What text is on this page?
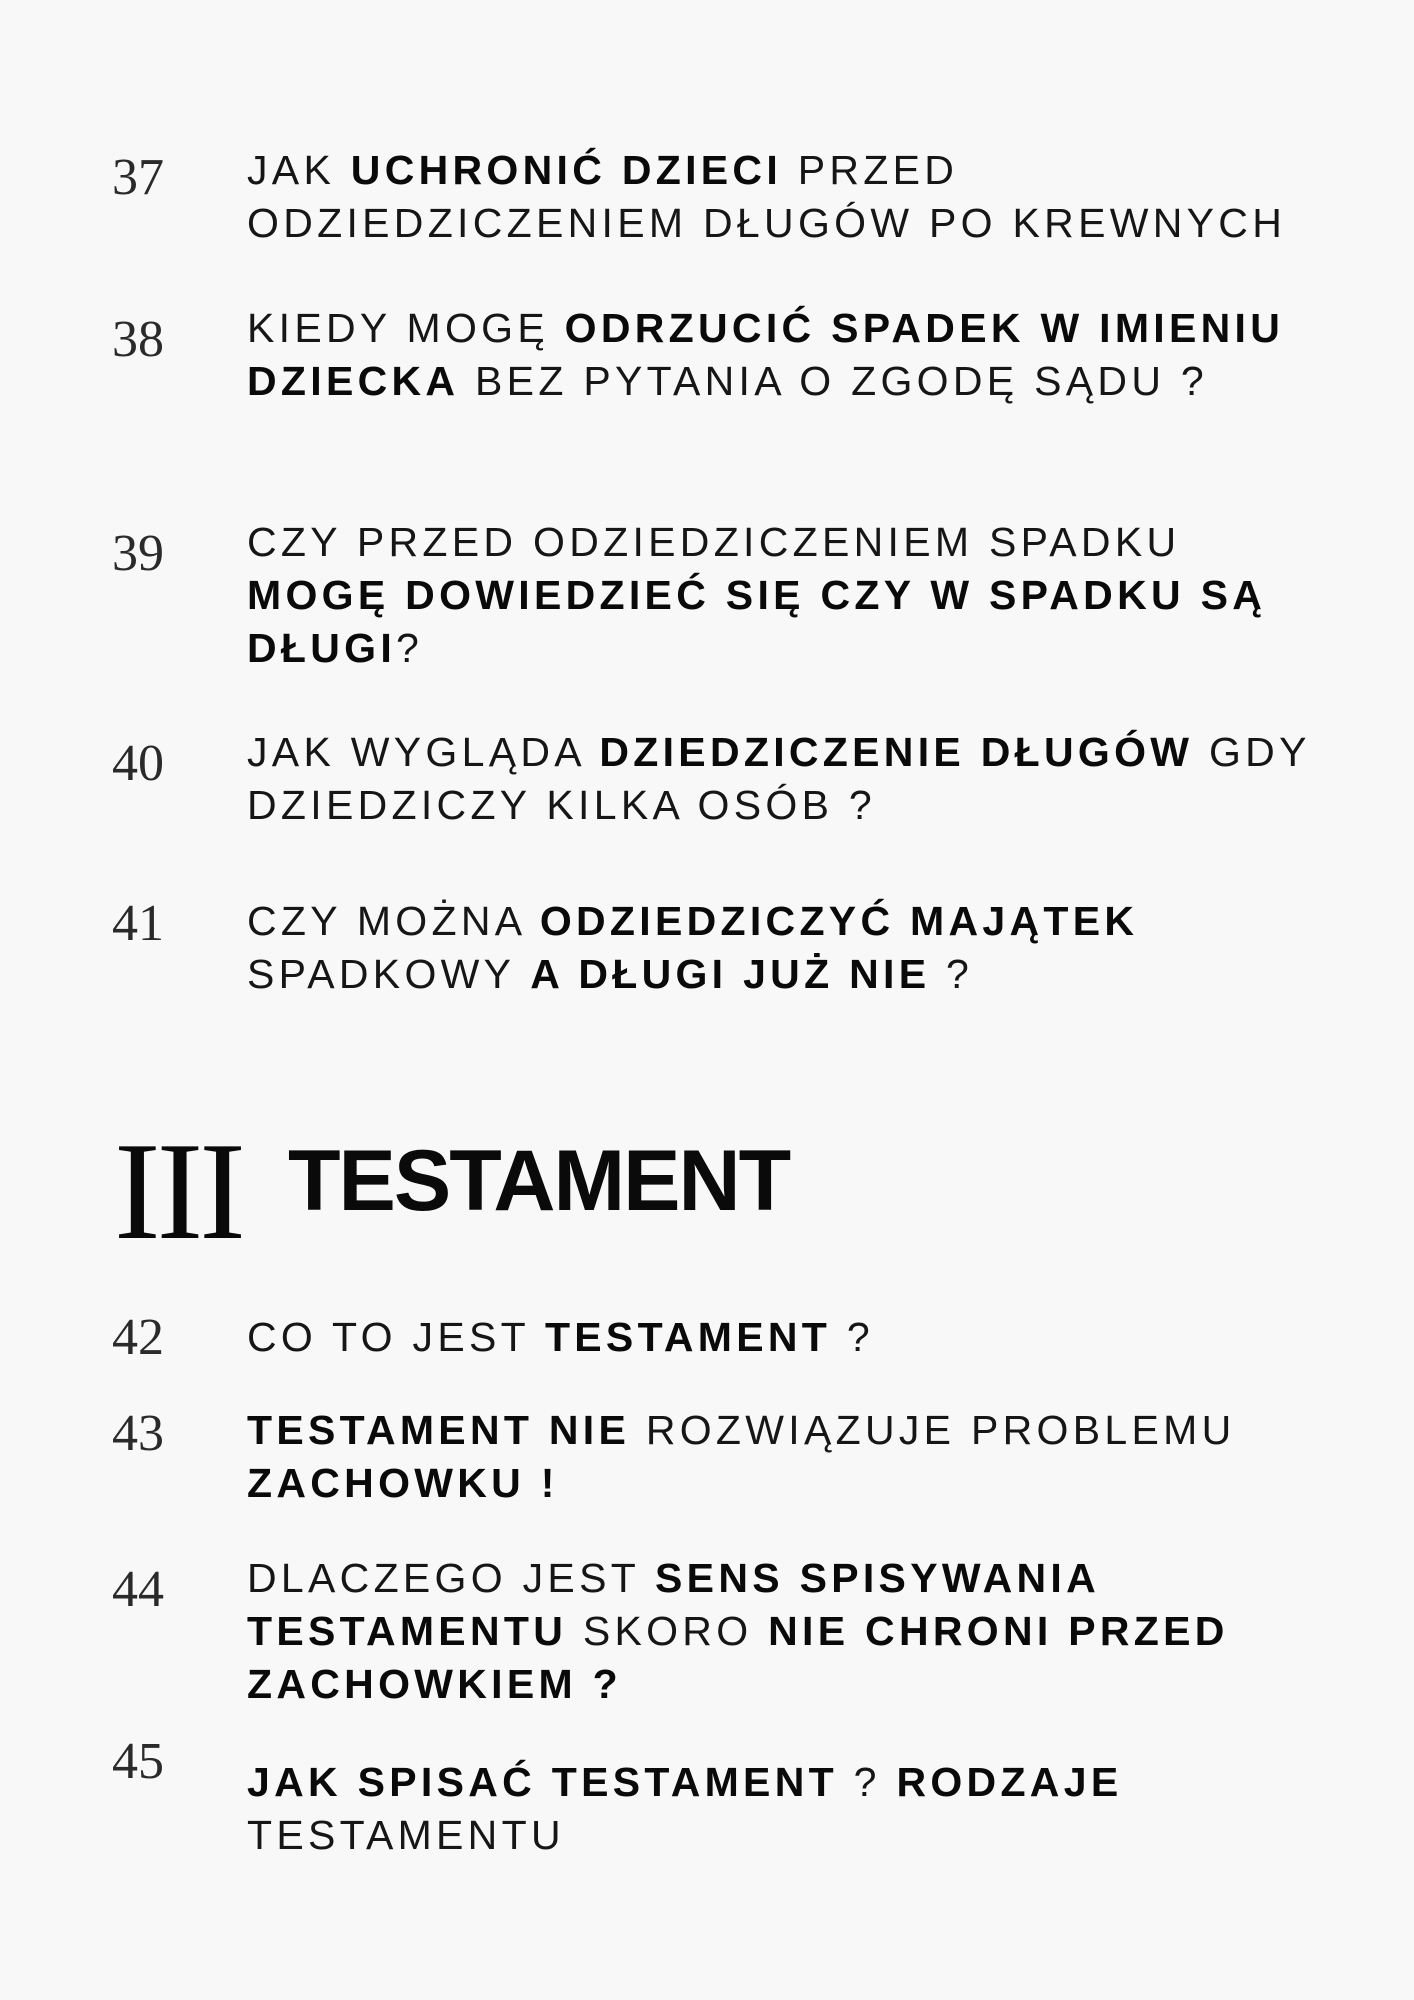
37 JAK UCHRONIĆ DZIECI PRZED ODZIEDZICZENIEM DŁUGÓW PO KREWNYCH
38 KIEDY MOGĘ ODRZUCIĆ SPADEK W IMIENIU DZIECKA BEZ PYTANIA O ZGODĘ SĄDU ?
39 CZY PRZED ODZIEDZICZENIEM SPADKU MOGĘ DOWIEDZIEĆ SIĘ CZY W SPADKU SĄ DŁUGI?
40 JAK WYGLĄDA DZIEDZICZENIE DŁUGÓW GDY DZIEDZICZY KILKA OSÓB ?
41 CZY MOŻNA ODZIEDZICZYĆ MAJĄTEK SPADKOWY A DŁUGI JUŻ NIE ?
III TESTAMENT
42 CO TO JEST TESTAMENT ?
43 TESTAMENT NIE ROZWIĄZUJE PROBLEMU ZACHOWKU !
44 DLACZEGO JEST SENS SPISYWANIA TESTAMENTU SKORO NIE CHRONI PRZED ZACHOWKIEM ?
45 JAK SPISAĆ TESTAMENT ? RODZAJE TESTAMENTU
